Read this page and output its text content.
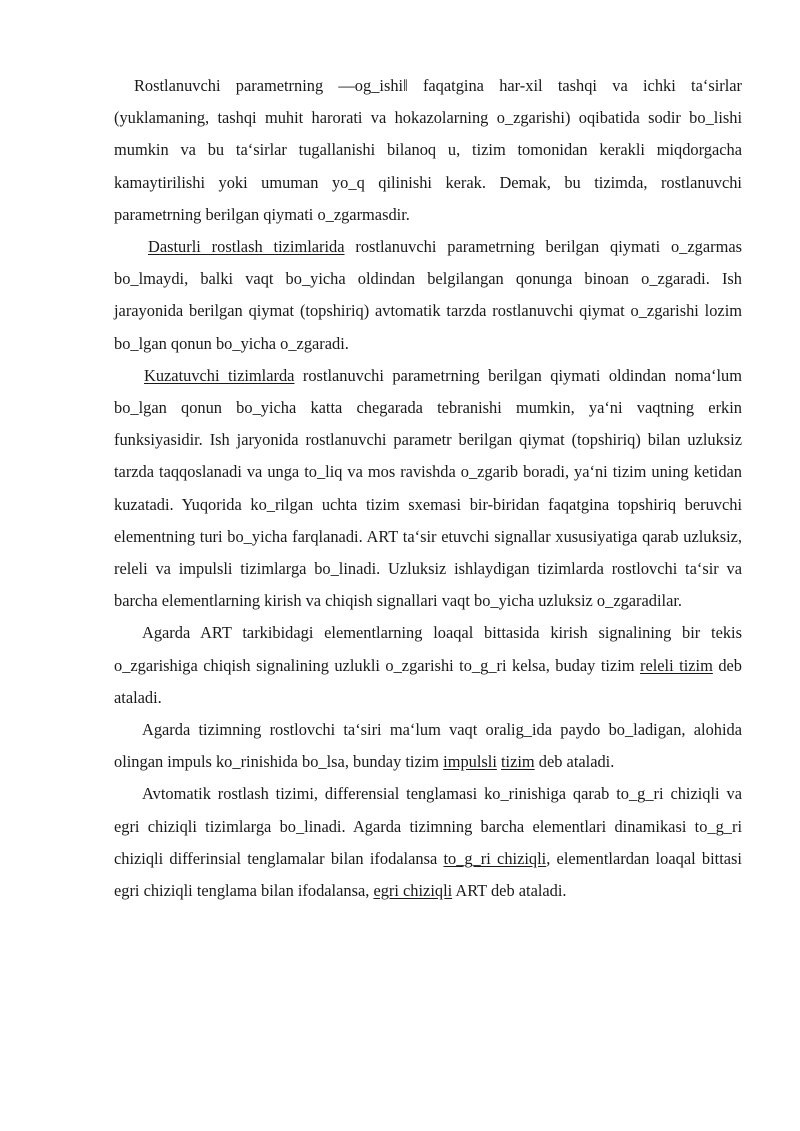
Rostlanuvchi parametrning ―og_ishi‖ faqatgina har-xil tashqi va ichki ta‘sirlar (yuklamaning, tashqi muhit harorati va hokazolarning o_zgarishi) oqibatida sodir bo_lishi mumkin va bu ta‘sirlar tugallanishi bilanoq u, tizim tomonidan kerakli miqdorgacha kamaytirilishi yoki umuman yo_q qilinishi kerak. Demak, bu tizimda, rostlanuvchi parametrning berilgan qiymati o_zgarmasdir.

Dasturli rostlash tizimlarida rostlanuvchi parametrning berilgan qiymati o_zgarmas bo_lmaydi, balki vaqt bo_yicha oldindan belgilangan qonunga binoan o_zgaradi. Ish jarayonida berilgan qiymat (topshiriq) avtomatik tarzda rostlanuvchi qiymat o_zgarishi lozim bo_lgan qonun bo_yicha o_zgaradi.

Kuzatuvchi tizimlarda rostlanuvchi parametrning berilgan qiymati oldindan noma‘lum bo_lgan qonun bo_yicha katta chegarada tebranishi mumkin, ya‘ni vaqtning erkin funksiyasidir. Ish jaryonida rostlanuvchi parametr berilgan qiymat (topshiriq) bilan uzluksiz tarzda taqqoslanadi va unga to_liq va mos ravishda o_zgarib boradi, ya‘ni tizim uning ketidan kuzatadi. Yuqorida ko_rilgan uchta tizim sxemasi bir-biridan faqatgina topshiriq beruvchi elementning turi bo_yicha farqlanadi. ART ta‘sir etuvchi signallar xususiyatiga qarab uzluksiz, releli va impulsli tizimlarga bo_linadi. Uzluksiz ishlaydigan tizimlarda rostlovchi ta‘sir va barcha elementlarning kirish va chiqish signallari vaqt bo_yicha uzluksiz o_zgaradilar.

Agarda ART tarkibidagi elementlarning loaqal bittasida kirish signalining bir tekis o_zgarishiga chiqish signalining uzlukli o_zgarishi to_g_ri kelsa, buday tizim releli tizim deb ataladi.

Agarda tizimning rostlovchi ta‘siri ma‘lum vaqt oralig_ida paydo bo_ladigan, alohida olingan impuls ko_rinishida bo_lsa, bunday tizim impulsli tizim deb ataladi.

Avtomatik rostlash tizimi, differensial tenglamasi ko_rinishiga qarab to_g_ri chiziqli va egri chiziqli tizimlarga bo_linadi. Agarda tizimning barcha elementlari dinamikasi to_g_ri chiziqli differinsial tenglamalar bilan ifodalansa to_g_ri chiziqli, elementlardan loaqal bittasi egri chiziqli tenglama bilan ifodalansa, egri chiziqli ART deb ataladi.
